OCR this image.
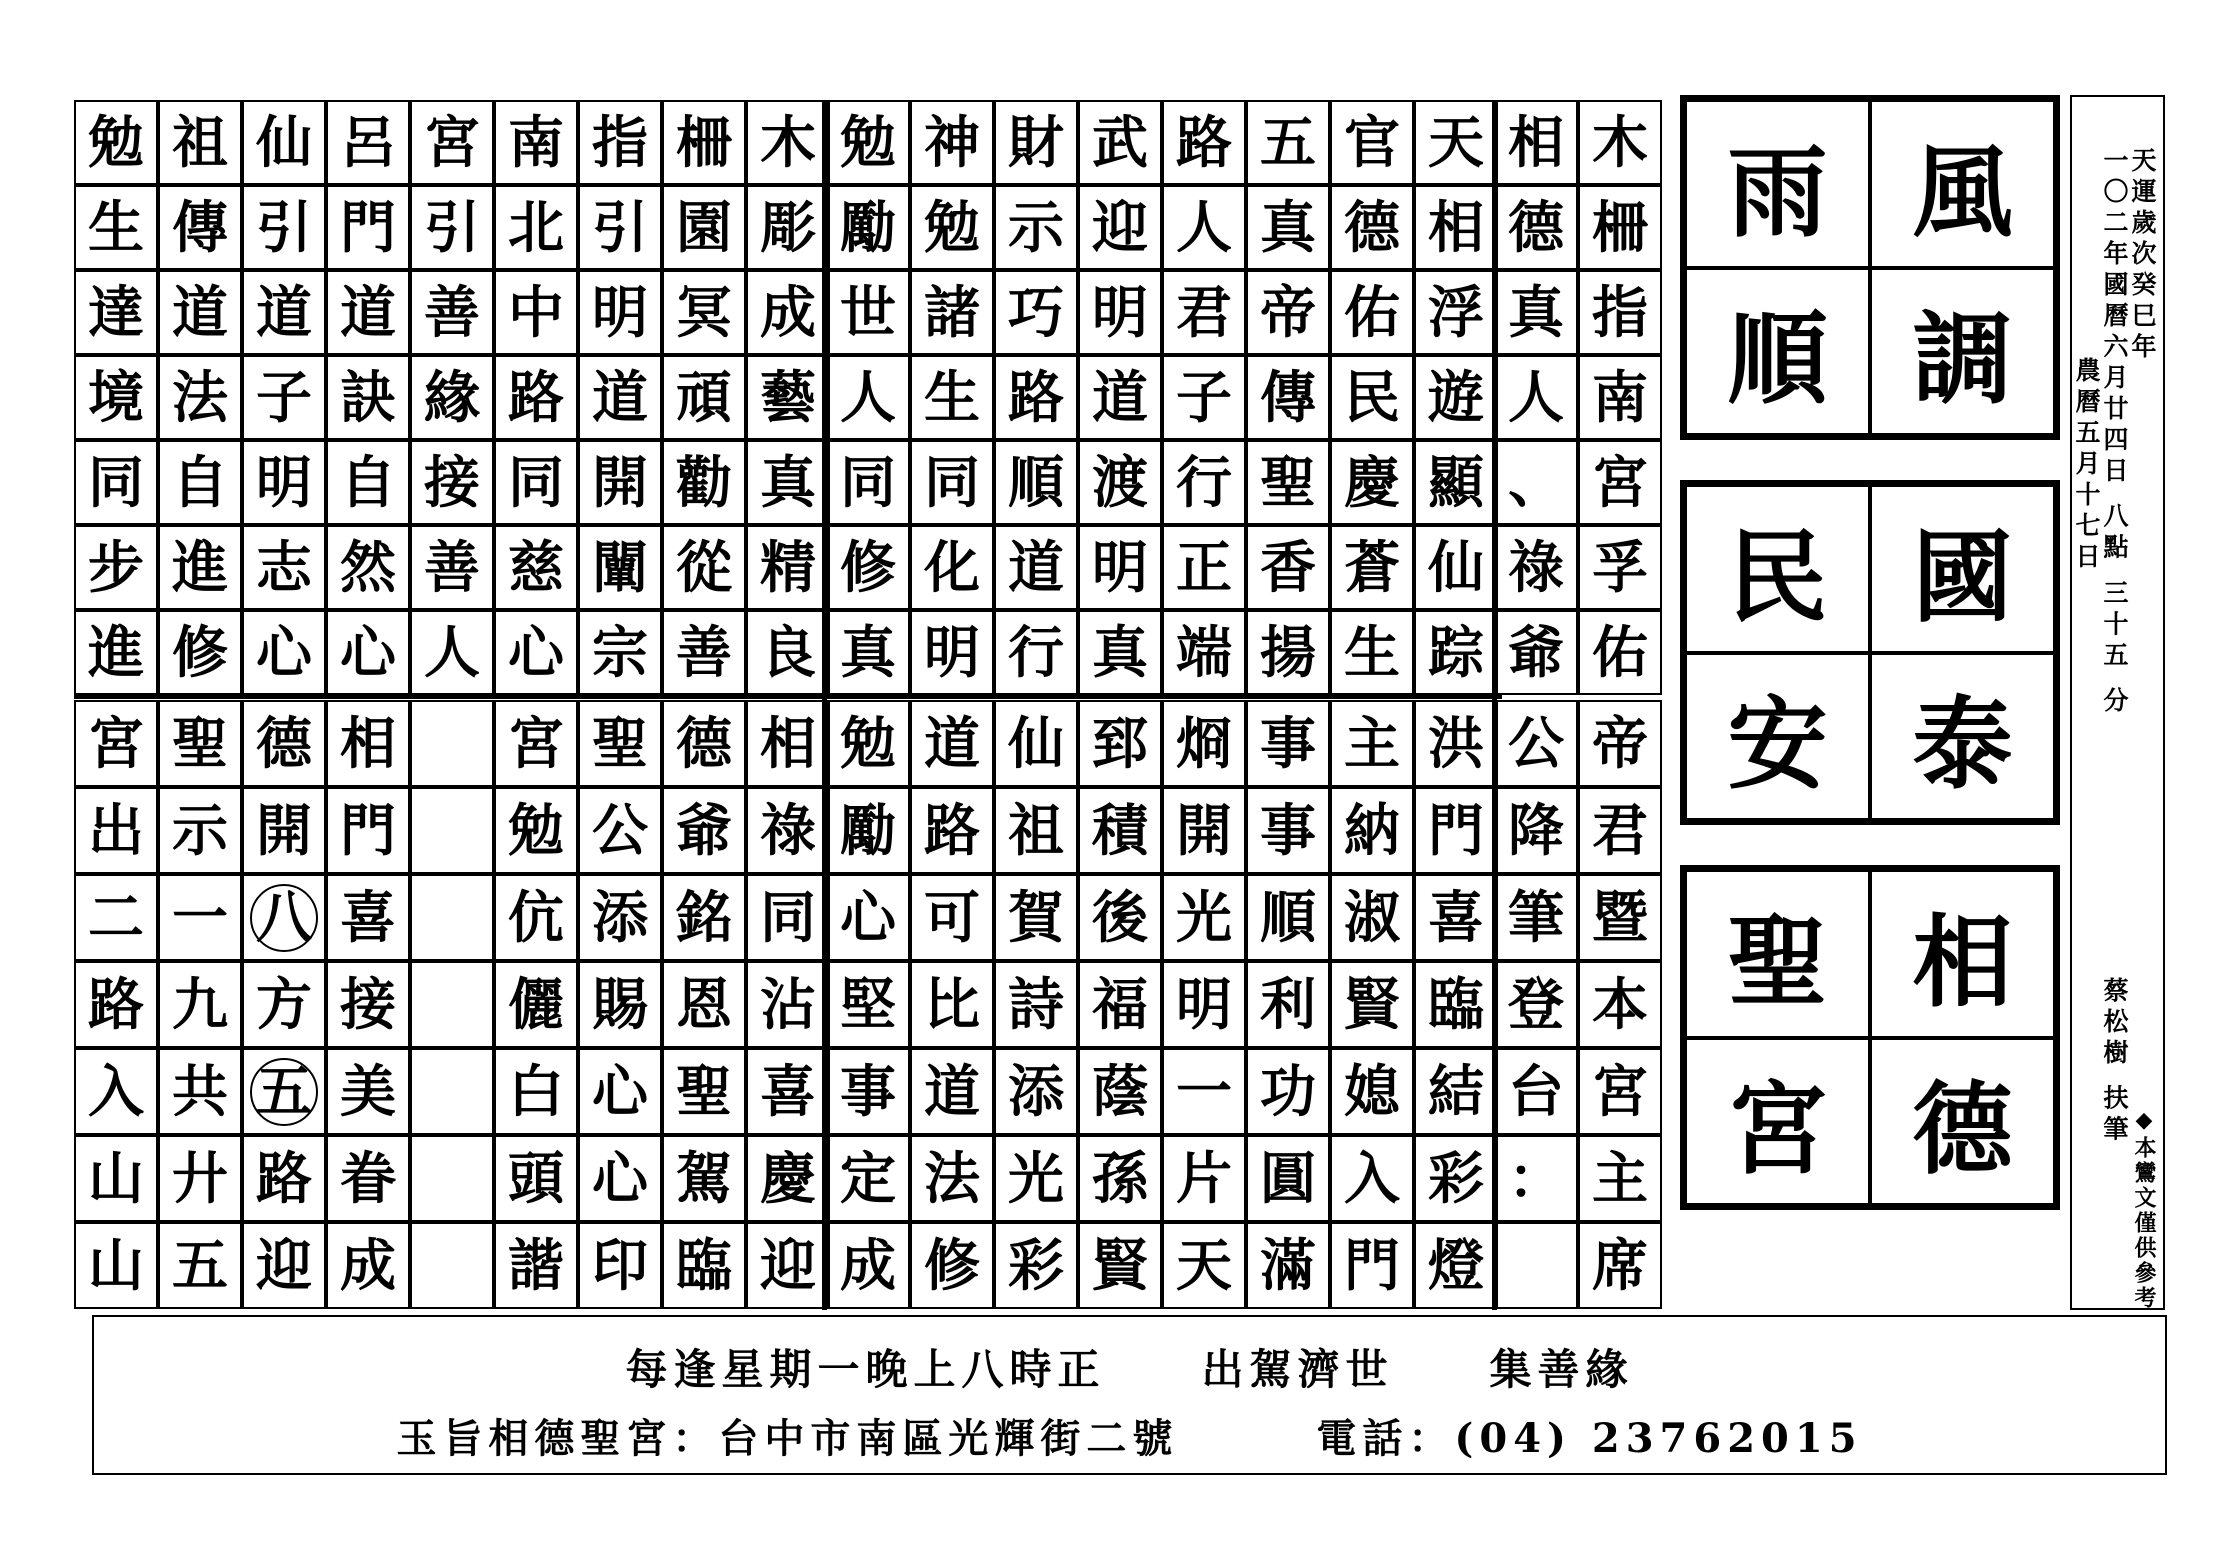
勉
生
達
境
同
步
進
祖
傳
道
法
自
進
修
仙
引
道
子
明
志
心
呂
門
道
訣
自
然
心
宮
引
善
緣
接
善
人
南
北
中
路
同
慈
心
指
引
明
道
開
闡
宗
柵
園
冥
頑
勸
從
善
木
彫
成
藝
真
精
良
勉
勵
世
人
同
修
真
神
勉
諸
生
同
化
明
財
示
巧
路
順
道
行
武
迎
明
道
渡
明
真
路
人
君
子
行
正
端
五
真
帝
傳
聖
香
揚
官
德
佑
民
慶
蒼
生
天
相
浮
遊
顯
仙
踪
宮
出
二
路
入
山
山
聖
示
一
九
共
廾
五
德
開
八
方
五
路
迎
相
門
喜
接
美
眷
成
宮
勉
伉
儷
白
頭
諧
聖
公
添
賜
心
心
印
德
爺
銘
恩
聖
駕
臨
相
祿
同
沾
喜
慶
迎
勉
勵
心
堅
事
定
成
道
路
可
比
道
法
修
仙
祖
賀
詩
添
光
彩
郅
積
後
福
蔭
孫
賢
烱
開
光
明
一
片
天
事
事
順
利
功
圓
滿
主
納
淑
賢
媳
入
門
洪
門
喜
臨
結
彩
燈
相
德
真
人
、
祿
爺
公
降
筆
登
台
：
木
柵
指
南
宮
孚
佑
帝
君
暨
本
宮
主
席
風
雨
調
順
國
民
泰
安
相
聖
德
宮
天運歲次癸巳年
一〇二年國曆六月廿四日 八點 三十五 分
農曆五月十七日
蔡松樹 扶筆
◆本鸞文僅供參考
每逢星期一晚上八時正　　出駕濟世　　集善緣
玉旨相德聖宮：台中市南區光輝街二號　　　電話：(04) 23762015
